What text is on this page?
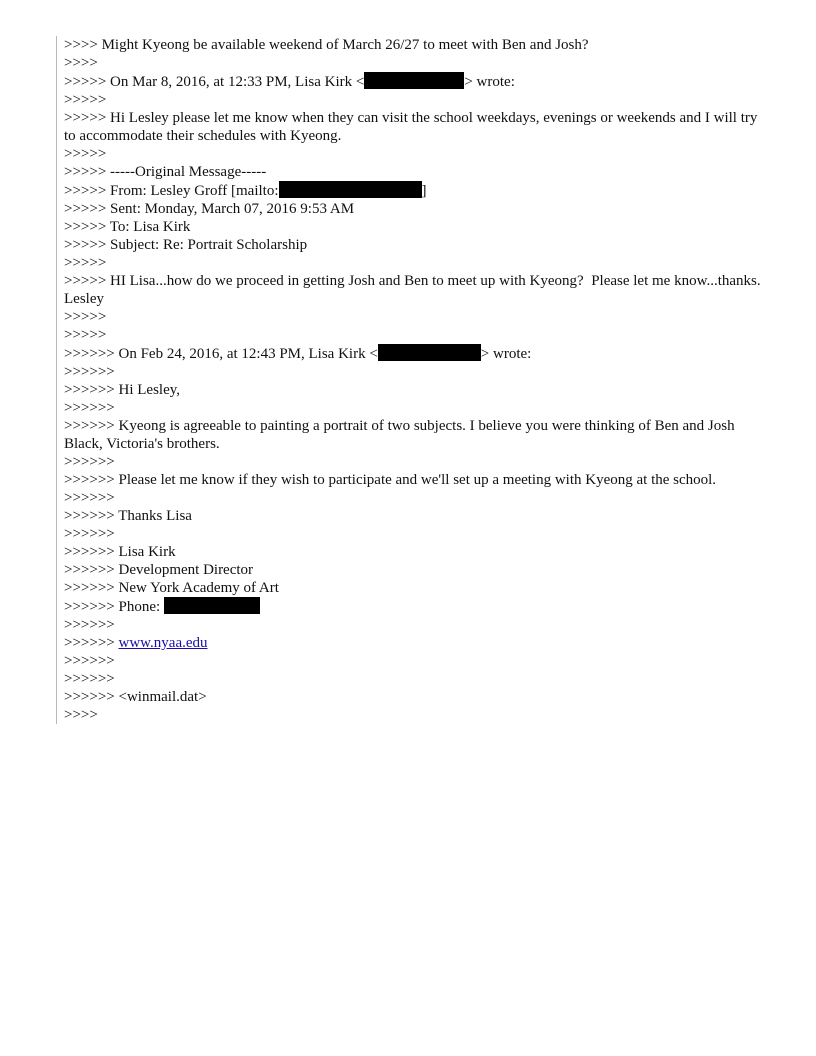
>>>> Might Kyeong be available weekend of March 26/27 to meet with Ben and Josh?
>>>>
>>>>> On Mar 8, 2016, at 12:33 PM, Lisa Kirk <	> wrote:
>>>>>
>>>>> Hi Lesley please let me know when they can visit the school weekdays, evenings or weekends and I will try to accommodate their schedules with Kyeong.
>>>>>
>>>>> -----Original Message-----
>>>>> From: Lesley Groff [mailto:	]
>>>>> Sent: Monday, March 07, 2016 9:53 AM
>>>>> To: Lisa Kirk
>>>>> Subject: Re: Portrait Scholarship
>>>>>
>>>>> HI Lisa...how do we proceed in getting Josh and Ben to meet up with Kyeong?  Please let me know...thanks.  Lesley
>>>>>
>>>>>
>>>>>> On Feb 24, 2016, at 12:43 PM, Lisa Kirk <	> wrote:
>>>>>>
>>>>>> Hi Lesley,
>>>>>>
>>>>>> Kyeong is agreeable to painting a portrait of two subjects. I believe you were thinking of Ben and Josh Black, Victoria's brothers.
>>>>>>
>>>>>> Please let me know if they wish to participate and we'll set up a meeting with Kyeong at the school.
>>>>>>
>>>>>> Thanks Lisa
>>>>>>
>>>>>> Lisa Kirk
>>>>>> Development Director
>>>>>> New York Academy of Art
>>>>>> Phone:
>>>>>>
>>>>>> www.nyaa.edu
>>>>>>
>>>>>>
>>>>>> <winmail.dat>
>>>>
